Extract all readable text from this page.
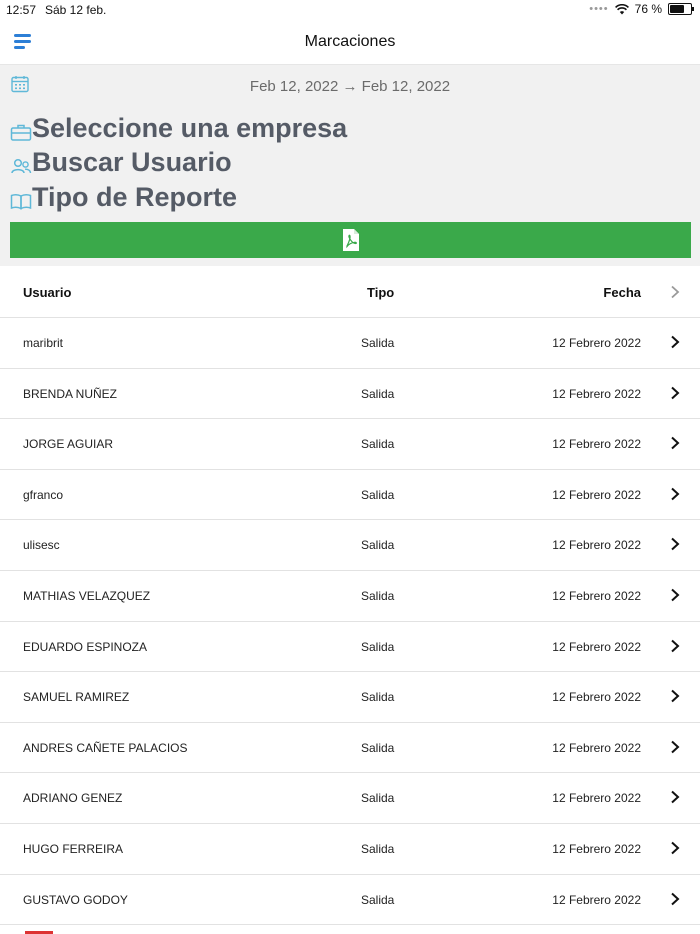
12:57 Sáb 12 feb.	•••• 76 %
Marcaciones
Feb 12, 2022 → Feb 12, 2022
Seleccione una empresa
Buscar Usuario
Tipo de Reporte
Usuario	Tipo	Fecha
maribrit	Salida	12 Febrero 2022
BRENDA NUÑEZ	Salida	12 Febrero 2022
JORGE AGUIAR	Salida	12 Febrero 2022
gfranco	Salida	12 Febrero 2022
ulisesc	Salida	12 Febrero 2022
MATHIAS VELAZQUEZ	Salida	12 Febrero 2022
EDUARDO ESPINOZA	Salida	12 Febrero 2022
SAMUEL RAMIREZ	Salida	12 Febrero 2022
ANDRES CAÑETE PALACIOS	Salida	12 Febrero 2022
ADRIANO GENEZ	Salida	12 Febrero 2022
HUGO FERREIRA	Salida	12 Febrero 2022
GUSTAVO GODOY	Salida	12 Febrero 2022
